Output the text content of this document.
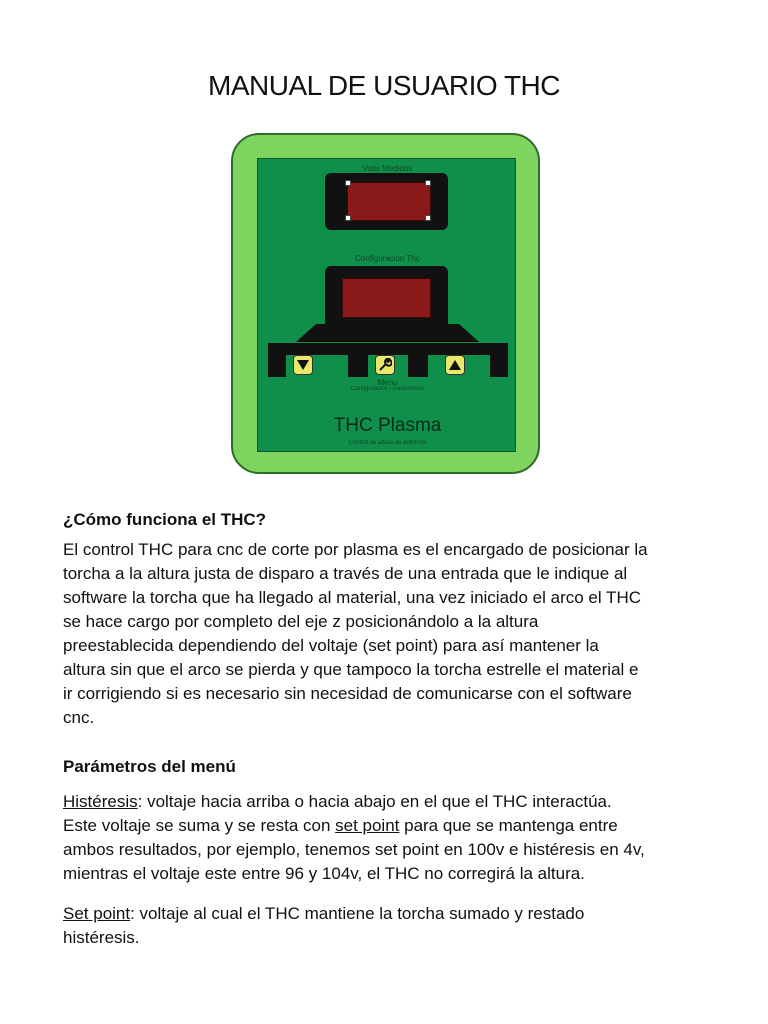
MANUAL DE USUARIO THC
Volts Medidos
Configuracion Thc
Menu
Configuracion / Parametros
THC Plasma
Control de altura de antorcha
¿Cómo funciona el THC?
El control THC para cnc de corte por plasma es el encargado de posicionar la
torcha a la altura justa de disparo a través de una entrada que le indique al
software la torcha que ha llegado al material, una vez iniciado el arco el THC
se hace cargo por completo del eje z posicionándolo a la altura
preestablecida dependiendo del voltaje (set point) para así mantener la
altura sin que el arco se pierda y que tampoco la torcha estrelle el material e
ir corrigiendo si es necesario sin necesidad de comunicarse con el software
cnc.
Parámetros del menú
Histéresis: voltaje hacia arriba o hacia abajo en el que el THC interactúa.
Este voltaje se suma y se resta con set point para que se mantenga entre
ambos resultados, por ejemplo, tenemos set point en 100v e histéresis en 4v,
mientras el voltaje este entre 96 y 104v, el THC no corregirá la altura.
Set point: voltaje al cual el THC mantiene la torcha sumado y restado
histéresis.
